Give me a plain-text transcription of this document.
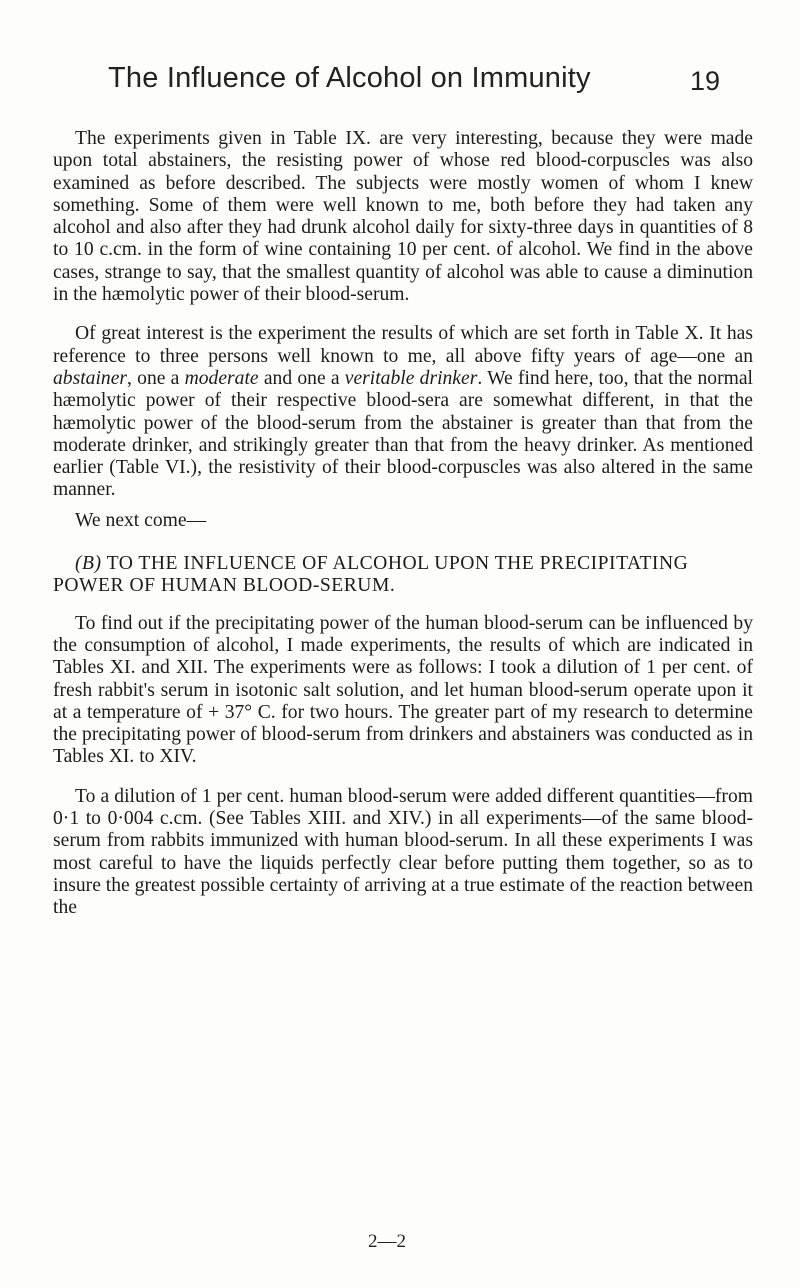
The Influence of Alcohol on Immunity	19

The experiments given in Table IX. are very interesting, because they were made upon total abstainers, the resisting power of whose red blood-corpuscles was also examined as before described. The subjects were mostly women of whom I knew something. Some of them were well known to me, both before they had taken any alcohol and also after they had drunk alcohol daily for sixty-three days in quantities of 8 to 10 c.cm. in the form of wine containing 10 per cent. of alcohol. We find in the above cases, strange to say, that the smallest quantity of alcohol was able to cause a diminution in the hæmolytic power of their blood-serum.

Of great interest is the experiment the results of which are set forth in Table X. It has reference to three persons well known to me, all above fifty years of age—one an abstainer, one a moderate and one a veritable drinker. We find here, too, that the normal hæmolytic power of their respective blood-sera are somewhat different, in that the hæmolytic power of the blood-serum from the abstainer is greater than that from the moderate drinker, and strikingly greater than that from the heavy drinker. As mentioned earlier (Table VI.), the resistivity of their blood-corpuscles was also altered in the same manner.

We next come—

(B) TO THE INFLUENCE OF ALCOHOL UPON THE PRECIPITATING POWER OF HUMAN BLOOD-SERUM.

To find out if the precipitating power of the human blood-serum can be influenced by the consumption of alcohol, I made experiments, the results of which are indicated in Tables XI. and XII. The experiments were as follows: I took a dilution of 1 per cent. of fresh rabbit's serum in isotonic salt solution, and let human blood-serum operate upon it at a temperature of + 37° C. for two hours. The greater part of my research to determine the precipitating power of blood-serum from drinkers and abstainers was conducted as in Tables XI. to XIV.

To a dilution of 1 per cent. human blood-serum were added different quantities—from 0·1 to 0·004 c.cm. (See Tables XIII. and XIV.) in all experiments—of the same blood-serum from rabbits immunized with human blood-serum. In all these experiments I was most careful to have the liquids perfectly clear before putting them together, so as to insure the greatest possible certainty of arriving at a true estimate of the reaction between the

2—2
